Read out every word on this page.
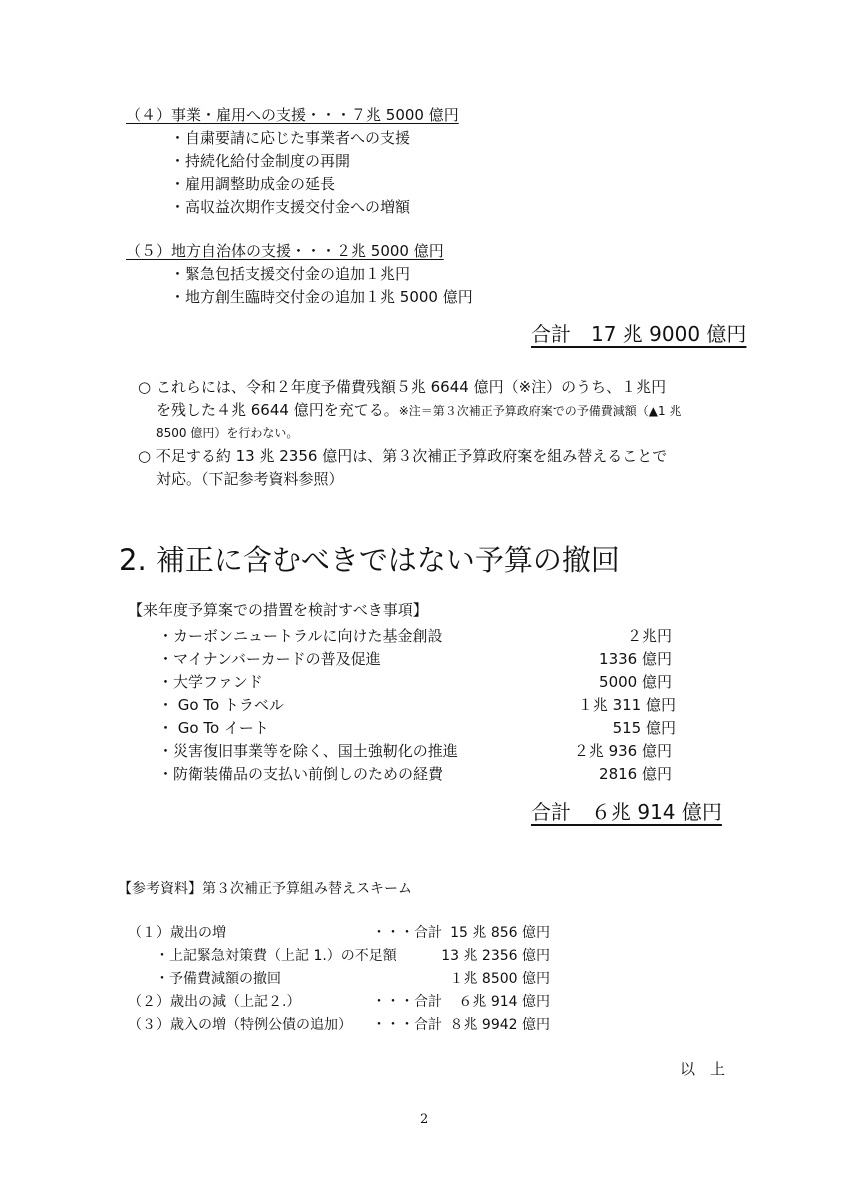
（４）事業・雇用への支援・・・７兆 5000 億円
・自粛要請に応じた事業者への支援
・持続化給付金制度の再開
・雇用調整助成金の延長
・高収益次期作支援交付金への増額
（５）地方自治体の支援・・・２兆 5000 億円
・緊急包括支援交付金の追加１兆円
・地方創生臨時交付金の追加１兆 5000 億円
合計　17 兆 9000 億円
○ これらには、令和２年度予備費残額５兆 6644 億円（※注）のうち、１兆円
を残した４兆 6644 億円を充てる。※注＝第３次補正予算政府案での予備費減額（▲1 兆
8500 億円）を行わない。
○ 不足する約 13 兆 2356 億円は、第３次補正予算政府案を組み替えることで
対応。（下記参考資料参照）
2. 補正に含むべきではない予算の撤回
【来年度予算案での措置を検討すべき事項】
・カーボンニュートラルに向けた基金創設	２兆円
・マイナンバーカードの普及促進	1336 億円
・大学ファンド	5000 億円
・ Go To トラベル	１兆 311 億円
・ Go To イート	515 億円
・災害復旧事業等を除く、国土強靭化の推進	２兆 936 億円
・防衛装備品の支払い前倒しのための経費	2816 億円
合計　６兆 914 億円
【参考資料】第３次補正予算組み替えスキーム
（１）歳出の増	・・・合計 15 兆 856 億円
・上記緊急対策費（上記 1.）の不足額	13 兆 2356 億円
・予備費減額の撤回	１兆 8500 億円
（２）歳出の減（上記２.）	・・・合計	６兆 914 億円
（３）歳入の増（特例公債の追加） ・・・合計 ８兆 9942 億円
以　上
2
